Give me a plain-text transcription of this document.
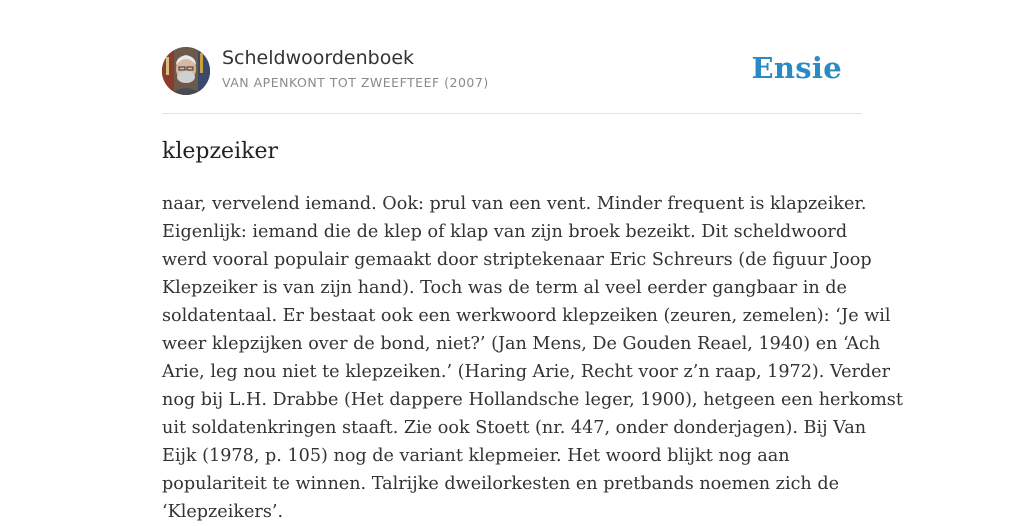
Scheldwoordenboek
VAN APENKONT TOT ZWEEFTEEF (2007)	Ensie
klepzeiker
naar, vervelend iemand. Ook: prul van een vent. Minder frequent is klapzeiker.
Eigenlijk: iemand die de klep of klap van zijn broek bezeikt. Dit scheldwoord
werd vooral populair gemaakt door striptekenaar Eric Schreurs (de figuur Joop
Klepzeiker is van zijn hand). Toch was de term al veel eerder gangbaar in de
soldatentaal. Er bestaat ook een werkwoord klepzeiken (zeuren, zemelen): ‘Je wil
weer klepzijken over de bond, niet?’ (Jan Mens, De Gouden Reael, 1940) en ‘Ach
Arie, leg nou niet te klepzeiken.’ (Haring Arie, Recht voor z’n raap, 1972). Verder
nog bij L.H. Drabbe (Het dappere Hollandsche leger, 1900), hetgeen een herkomst
uit soldatenkringen staaft. Zie ook Stoett (nr. 447, onder donderjagen). Bij Van
Eijk (1978, p. 105) nog de variant klepmeier. Het woord blijkt nog aan
populariteit te winnen. Talrijke dweilorkesten en pretbands noemen zich de
‘Klepzeikers’.
